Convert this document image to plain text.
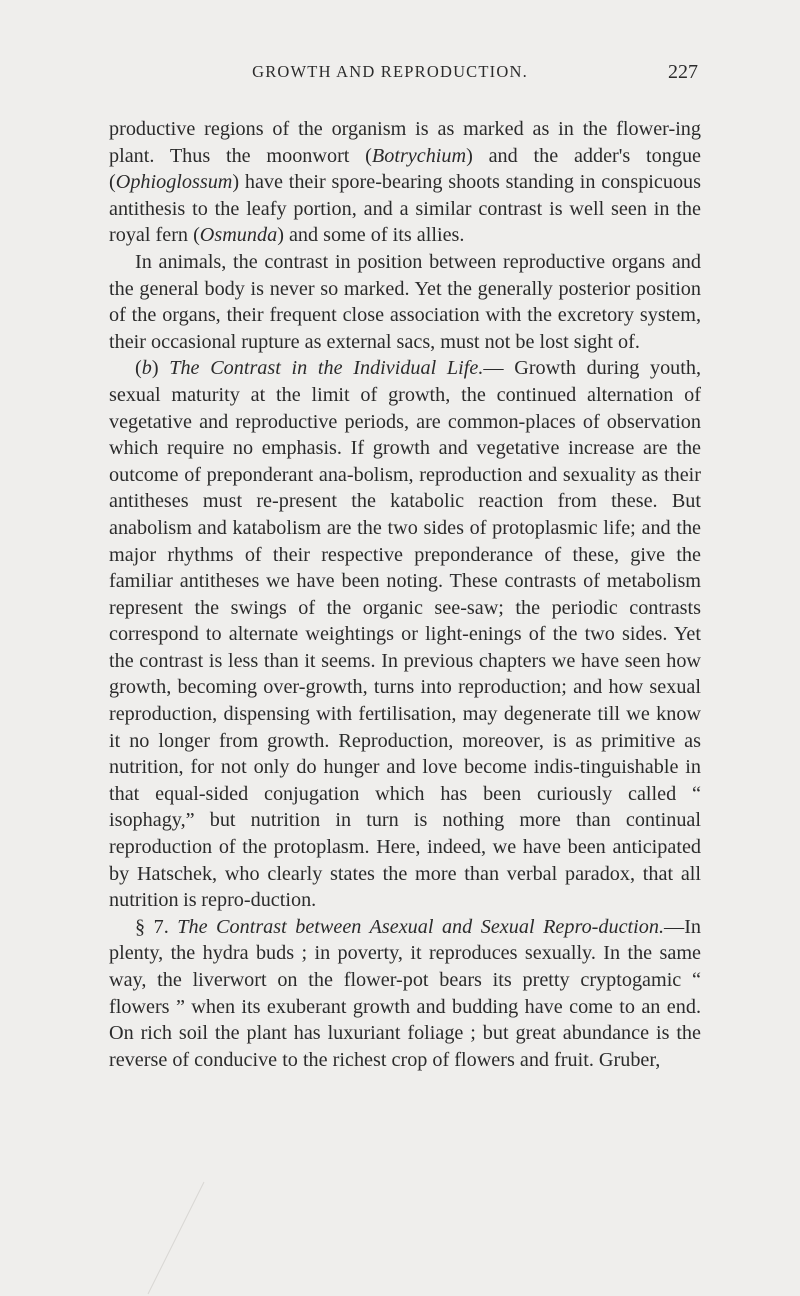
GROWTH AND REPRODUCTION.	227

productive regions of the organism is as marked as in the flower-ing plant. Thus the moonwort (Botrychium) and the adder's tongue (Ophioglossum) have their spore-bearing shoots standing in conspicuous antithesis to the leafy portion, and a similar contrast is well seen in the royal fern (Osmunda) and some of its allies.

In animals, the contrast in position between reproductive organs and the general body is never so marked. Yet the generally posterior position of the organs, their frequent close association with the excretory system, their occasional rupture as external sacs, must not be lost sight of.

(b) The Contrast in the Individual Life.— Growth during youth, sexual maturity at the limit of growth, the continued alternation of vegetative and reproductive periods, are common-places of observation which require no emphasis. If growth and vegetative increase are the outcome of preponderant ana-bolism, reproduction and sexuality as their antitheses must re-present the katabolic reaction from these. But anabolism and katabolism are the two sides of protoplasmic life; and the major rhythms of their respective preponderance of these, give the familiar antitheses we have been noting. These contrasts of metabolism represent the swings of the organic see-saw; the periodic contrasts correspond to alternate weightings or light-enings of the two sides. Yet the contrast is less than it seems. In previous chapters we have seen how growth, becoming over-growth, turns into reproduction; and how sexual reproduction, dispensing with fertilisation, may degenerate till we know it no longer from growth. Reproduction, moreover, is as primitive as nutrition, for not only do hunger and love become indis-tinguishable in that equal-sided conjugation which has been curiously called “ isophagy,” but nutrition in turn is nothing more than continual reproduction of the protoplasm. Here, indeed, we have been anticipated by Hatschek, who clearly states the more than verbal paradox, that all nutrition is repro-duction.

§ 7. The Contrast between Asexual and Sexual Repro-duction.—In plenty, the hydra buds ; in poverty, it reproduces sexually. In the same way, the liverwort on the flower-pot bears its pretty cryptogamic “ flowers ” when its exuberant growth and budding have come to an end. On rich soil the plant has luxuriant foliage ; but great abundance is the reverse of conducive to the richest crop of flowers and fruit. Gruber,
